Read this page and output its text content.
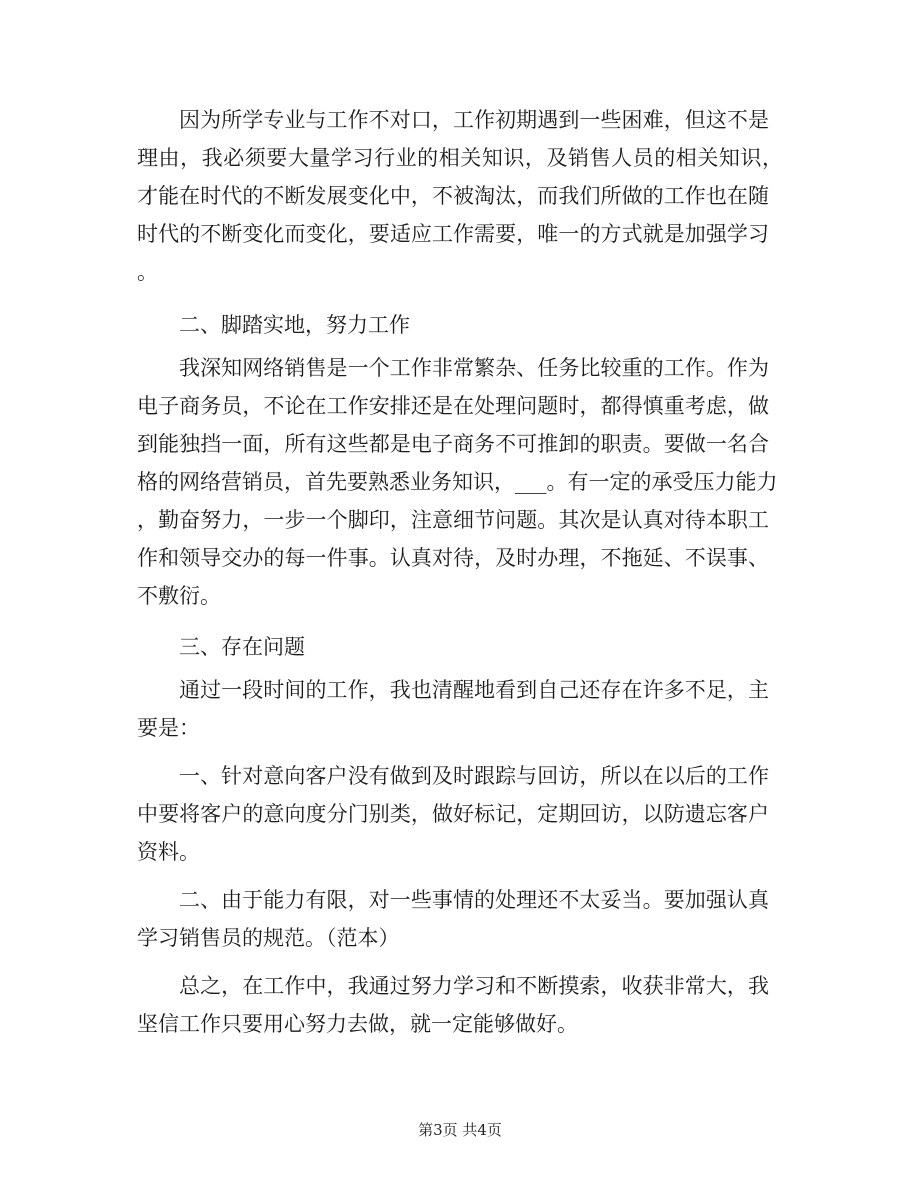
因为所学专业与工作不对口，工作初期遇到一些困难，但这不是
理由，我必须要大量学习行业的相关知识，及销售人员的相关知识，
才能在时代的不断发展变化中，不被淘汰，而我们所做的工作也在随
时代的不断变化而变化，要适应工作需要，唯一的方式就是加强学习
。
二、脚踏实地，努力工作
我深知网络销售是一个工作非常繁杂、任务比较重的工作。作为
电子商务员，不论在工作安排还是在处理问题时，都得慎重考虑，做
到能独挡一面，所有这些都是电子商务不可推卸的职责。要做一名合
格的网络营销员，首先要熟悉业务知识，___。有一定的承受压力能力
，勤奋努力，一步一个脚印，注意细节问题。其次是认真对待本职工
作和领导交办的每一件事。认真对待，及时办理，不拖延、不误事、
不敷衍。
三、存在问题
通过一段时间的工作，我也清醒地看到自己还存在许多不足，主
要是：
一、针对意向客户没有做到及时跟踪与回访，所以在以后的工作
中要将客户的意向度分门别类，做好标记，定期回访，以防遗忘客户
资料。
二、由于能力有限，对一些事情的处理还不太妥当。要加强认真
学习销售员的规范。（范本）
总之，在工作中，我通过努力学习和不断摸索，收获非常大，我
坚信工作只要用心努力去做，就一定能够做好。
第3页 共4页
